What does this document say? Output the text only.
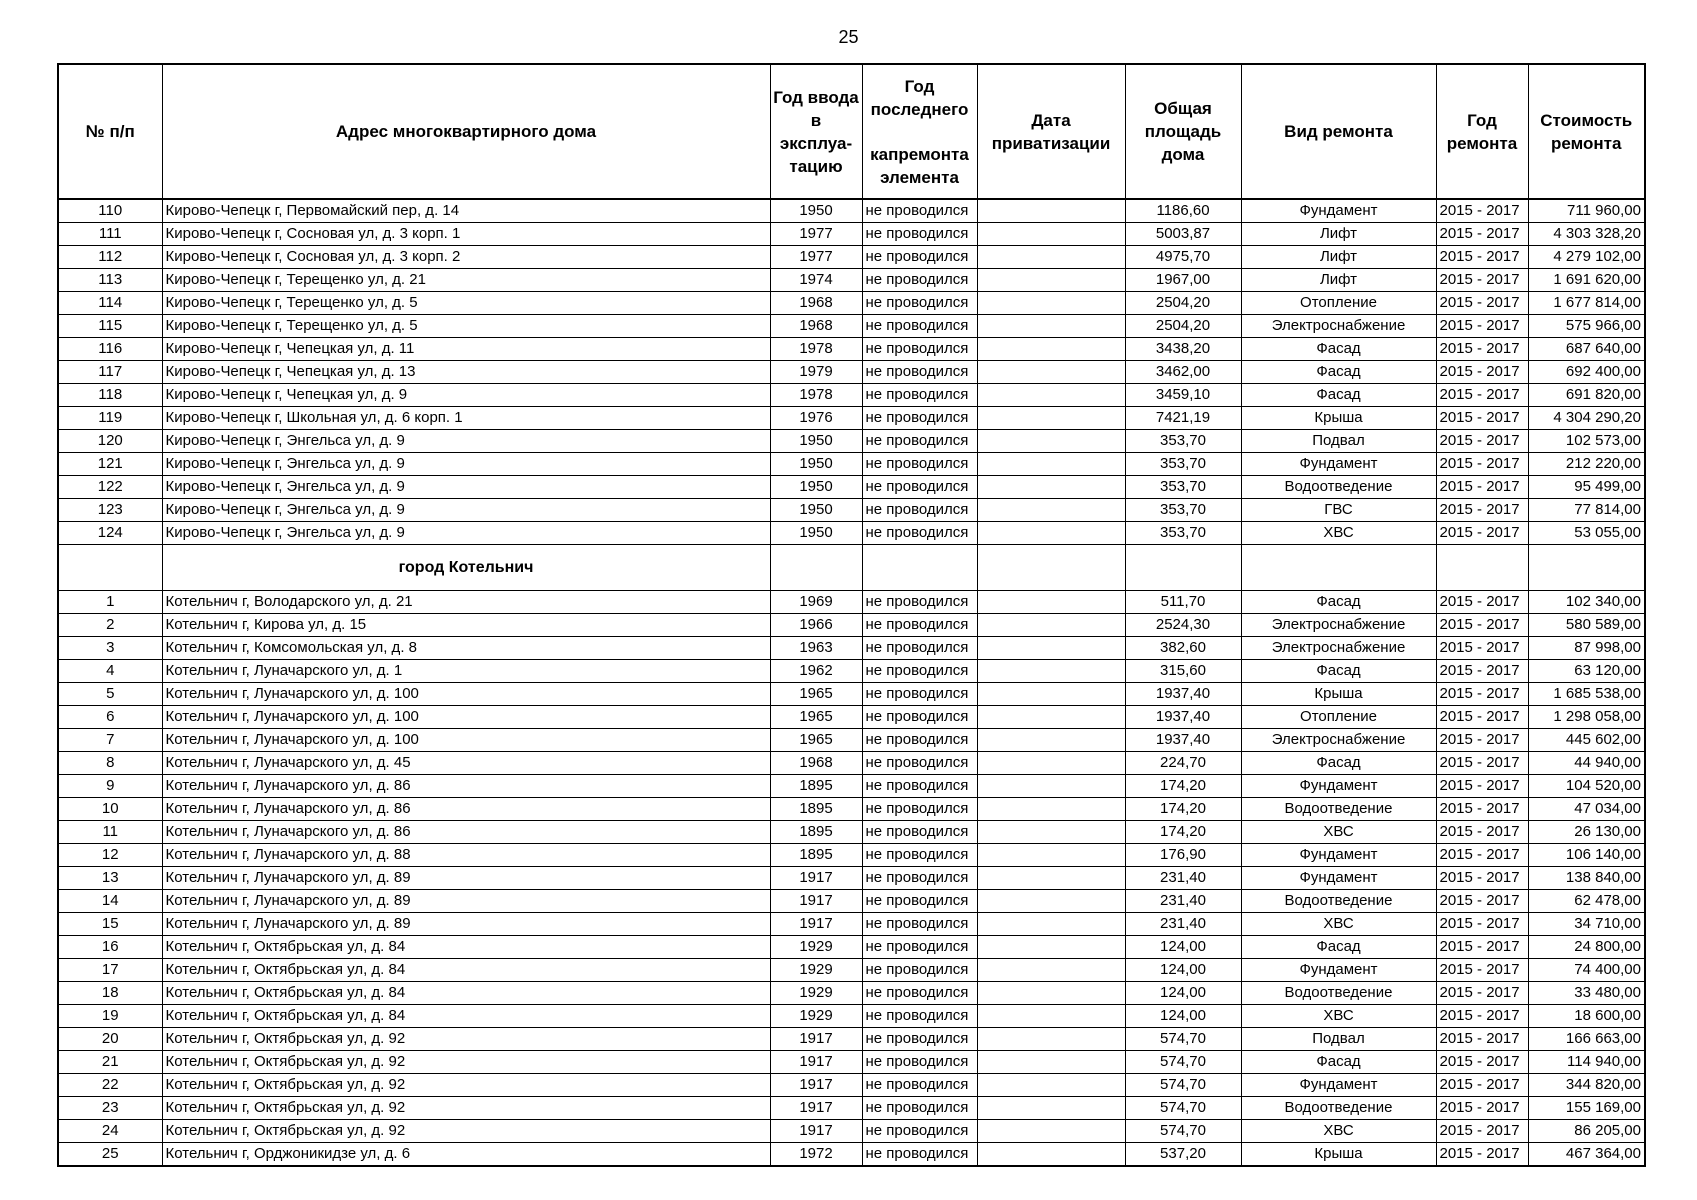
25
№ п/п	Адрес многоквартирного дома	Год ввода в эксплуа-тацию	Год последнего
капремонта элемента	Дата приватизации	Общая площадь дома	Вид ремонта	Год ремонта	Стоимость ремонта
110	Кирово-Чепецк г, Первомайский пер, д. 14	1950	не проводился		1186,60	Фундамент	2015 - 2017	711 960,00
111	Кирово-Чепецк г, Сосновая ул, д. 3 корп. 1	1977	не проводился		5003,87	Лифт	2015 - 2017	4 303 328,20
112	Кирово-Чепецк г, Сосновая ул, д. 3 корп. 2	1977	не проводился		4975,70	Лифт	2015 - 2017	4 279 102,00
113	Кирово-Чепецк г, Терещенко ул, д. 21	1974	не проводился		1967,00	Лифт	2015 - 2017	1 691 620,00
114	Кирово-Чепецк г, Терещенко ул, д. 5	1968	не проводился		2504,20	Отопление	2015 - 2017	1 677 814,00
115	Кирово-Чепецк г, Терещенко ул, д. 5	1968	не проводился		2504,20	Электроснабжение	2015 - 2017	575 966,00
116	Кирово-Чепецк г, Чепецкая ул, д. 11	1978	не проводился		3438,20	Фасад	2015 - 2017	687 640,00
117	Кирово-Чепецк г, Чепецкая ул, д. 13	1979	не проводился		3462,00	Фасад	2015 - 2017	692 400,00
118	Кирово-Чепецк г, Чепецкая ул, д. 9	1978	не проводился		3459,10	Фасад	2015 - 2017	691 820,00
119	Кирово-Чепецк г, Школьная ул, д. 6 корп. 1	1976	не проводился		7421,19	Крыша	2015 - 2017	4 304 290,20
120	Кирово-Чепецк г, Энгельса ул, д. 9	1950	не проводился		353,70	Подвал	2015 - 2017	102 573,00
121	Кирово-Чепецк г, Энгельса ул, д. 9	1950	не проводился		353,70	Фундамент	2015 - 2017	212 220,00
122	Кирово-Чепецк г, Энгельса ул, д. 9	1950	не проводился		353,70	Водоотведение	2015 - 2017	95 499,00
123	Кирово-Чепецк г, Энгельса ул, д. 9	1950	не проводился		353,70	ГВС	2015 - 2017	77 814,00
124	Кирово-Чепецк г, Энгельса ул, д. 9	1950	не проводился		353,70	ХВС	2015 - 2017	53 055,00
	город Котельнич							
1	Котельнич г, Володарского ул, д. 21	1969	не проводился		511,70	Фасад	2015 - 2017	102 340,00
2	Котельнич г, Кирова ул, д. 15	1966	не проводился		2524,30	Электроснабжение	2015 - 2017	580 589,00
3	Котельнич г, Комсомольская ул, д. 8	1963	не проводился		382,60	Электроснабжение	2015 - 2017	87 998,00
4	Котельнич г, Луначарского ул, д. 1	1962	не проводился		315,60	Фасад	2015 - 2017	63 120,00
5	Котельнич г, Луначарского ул, д. 100	1965	не проводился		1937,40	Крыша	2015 - 2017	1 685 538,00
6	Котельнич г, Луначарского ул, д. 100	1965	не проводился		1937,40	Отопление	2015 - 2017	1 298 058,00
7	Котельнич г, Луначарского ул, д. 100	1965	не проводился		1937,40	Электроснабжение	2015 - 2017	445 602,00
8	Котельнич г, Луначарского ул, д. 45	1968	не проводился		224,70	Фасад	2015 - 2017	44 940,00
9	Котельнич г, Луначарского ул, д. 86	1895	не проводился		174,20	Фундамент	2015 - 2017	104 520,00
10	Котельнич г, Луначарского ул, д. 86	1895	не проводился		174,20	Водоотведение	2015 - 2017	47 034,00
11	Котельнич г, Луначарского ул, д. 86	1895	не проводился		174,20	ХВС	2015 - 2017	26 130,00
12	Котельнич г, Луначарского ул, д. 88	1895	не проводился		176,90	Фундамент	2015 - 2017	106 140,00
13	Котельнич г, Луначарского ул, д. 89	1917	не проводился		231,40	Фундамент	2015 - 2017	138 840,00
14	Котельнич г, Луначарского ул, д. 89	1917	не проводился		231,40	Водоотведение	2015 - 2017	62 478,00
15	Котельнич г, Луначарского ул, д. 89	1917	не проводился		231,40	ХВС	2015 - 2017	34 710,00
16	Котельнич г, Октябрьская ул, д. 84	1929	не проводился		124,00	Фасад	2015 - 2017	24 800,00
17	Котельнич г, Октябрьская ул, д. 84	1929	не проводился		124,00	Фундамент	2015 - 2017	74 400,00
18	Котельнич г, Октябрьская ул, д. 84	1929	не проводился		124,00	Водоотведение	2015 - 2017	33 480,00
19	Котельнич г, Октябрьская ул, д. 84	1929	не проводился		124,00	ХВС	2015 - 2017	18 600,00
20	Котельнич г, Октябрьская ул, д. 92	1917	не проводился		574,70	Подвал	2015 - 2017	166 663,00
21	Котельнич г, Октябрьская ул, д. 92	1917	не проводился		574,70	Фасад	2015 - 2017	114 940,00
22	Котельнич г, Октябрьская ул, д. 92	1917	не проводился		574,70	Фундамент	2015 - 2017	344 820,00
23	Котельнич г, Октябрьская ул, д. 92	1917	не проводился		574,70	Водоотведение	2015 - 2017	155 169,00
24	Котельнич г, Октябрьская ул, д. 92	1917	не проводился		574,70	ХВС	2015 - 2017	86 205,00
25	Котельнич г, Орджоникидзе ул, д. 6	1972	не проводился		537,20	Крыша	2015 - 2017	467 364,00
